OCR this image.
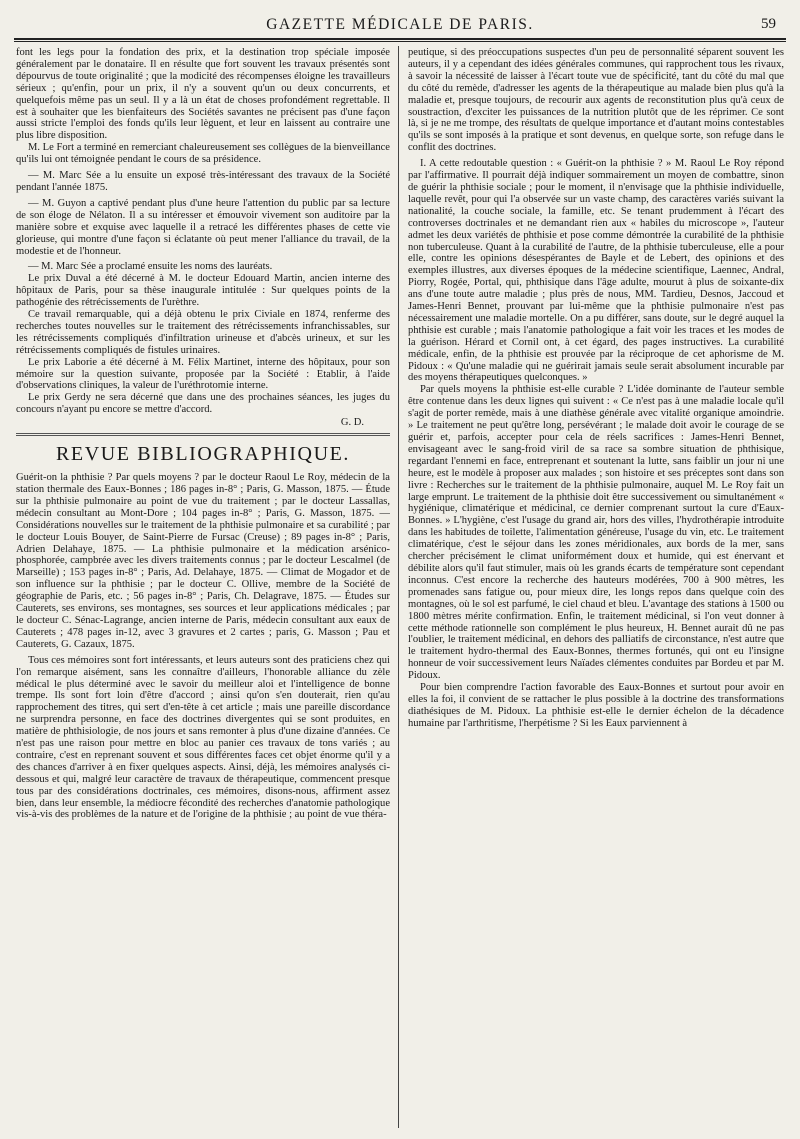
GAZETTE MÉDICALE DE PARIS.	59

font les legs pour la fondation des prix, et la destination trop spéciale imposée généralement par le donataire. Il en résulte que fort souvent les travaux présentés sont dépourvus de toute originalité ; que la modicité des récompenses éloigne les travailleurs sérieux ; qu'enfin, pour un prix, il n'y a souvent qu'un ou deux concurrents, et quelquefois même pas un seul. Il y a là un état de choses profondément regrettable. Il est à souhaiter que les bienfaiteurs des Sociétés savantes ne précisent pas d'une façon aussi stricte l'emploi des fonds qu'ils leur lèguent, et leur en laissent au contraire une plus libre disposition.

M. Le Fort a terminé en remerciant chaleureusement ses collègues de la bienveillance qu'ils lui ont témoignée pendant le cours de sa présidence.

— M. Marc Sée a lu ensuite un exposé très-intéressant des travaux de la Société pendant l'année 1875.

— M. Guyon a captivé pendant plus d'une heure l'attention du public par sa lecture de son éloge de Nélaton. Il a su intéresser et émouvoir vivement son auditoire par la manière sobre et exquise avec laquelle il a retracé les différentes phases de cette vie glorieuse, qui montre d'une façon si éclatante où peut mener l'alliance du travail, de la modestie et de l'honneur.

— M. Marc Sée a proclamé ensuite les noms des lauréats.

Le prix Duval a été décerné à M. le docteur Edouard Martin, ancien interne des hôpitaux de Paris, pour sa thèse inaugurale intitulée : Sur quelques points de la pathogénie des rétrécissements de l'urèthre.

Ce travail remarquable, qui a déjà obtenu le prix Civiale en 1874, renferme des recherches toutes nouvelles sur le traitement des rétrécissements infranchissables, sur les rétrécissements compliqués d'infiltration urineuse et d'abcès urineux, et sur les rétrécissements compliqués de fistules urinaires.

Le prix Laborie a été décerné à M. Félix Martinet, interne des hôpitaux, pour son mémoire sur la question suivante, proposée par la Société : Etablir, à l'aide d'observations cliniques, la valeur de l'uréthrotomie interne.

Le prix Gerdy ne sera décerné que dans une des prochaines séances, les juges du concours n'ayant pu encore se mettre d'accord.

G. D.
REVUE BIBLIOGRAPHIQUE.

Guérit-on la phthisie ? Par quels moyens ? par le docteur Raoul Le Roy, médecin de la station thermale des Eaux-Bonnes ; 186 pages in-8° ; Paris, G. Masson, 1875. — Étude sur la phthisie pulmonaire au point de vue du traitement ; par le docteur Lassallas, médecin consultant au Mont-Dore ; 104 pages in-8° ; Paris, G. Masson, 1875. — Considérations nouvelles sur le traitement de la phthisie pulmonaire et sa curabilité ; par le docteur Louis Bouyer, de Saint-Pierre de Fursac (Creuse) ; 89 pages in-8° ; Paris, Adrien Delahaye, 1875. — La phthisie pulmonaire et la médication arsénico-phosphorée, campbrée avec les divers traitements connus ; par le docteur Lescalmel (de Marseille) ; 153 pages in-8° ; Paris, Ad. Delahaye, 1875. — Climat de Mogador et de son influence sur la phthisie ; par le docteur C. Ollive, membre de la Société de géographie de Paris, etc. ; 56 pages in-8° ; Paris, Ch. Delagrave, 1875. — Études sur Cauterets, ses environs, ses montagnes, ses sources et leur applications médicales ; par le docteur C. Sénac-Lagrange, ancien interne de Paris, médecin consultant aux eaux de Cauterets ; 478 pages in-12, avec 3 gravures et 2 cartes ; paris, G. Masson ; Pau et Cauterets, G. Cazaux, 1875.

Tous ces mémoires sont fort intéressants, et leurs auteurs sont des praticiens chez qui l'on remarque aisément, sans les connaître d'ailleurs, l'honorable alliance du zèle médical le plus déterminé avec le savoir du meilleur aloi et l'intelligence de bonne trempe. Ils sont fort loin d'être d'accord ; ainsi qu'on s'en douterait, rien qu'au rapprochement des titres, qui sert d'en-tête à cet article ; mais une pareille discordance ne surprendra personne, en face des doctrines divergentes qui se sont produites, en matière de phthisiologie, de nos jours et sans remonter à plus d'une dizaine d'années. Ce n'est pas une raison pour mettre en bloc au panier ces travaux de tons variés ; au contraire, c'est en reprenant souvent et sous différentes faces cet objet énorme qu'il y a des chances d'arriver à en fixer quelques aspects. Ainsi, déjà, les mémoires analysés ci-dessous et qui, malgré leur caractère de travaux de thérapeutique, commencent presque tous par des considérations doctrinales, ces mémoires, disons-nous, affirment assez bien, dans leur ensemble, la médiocre fécondité des recherches d'anatomie pathologique vis-à-vis des problèmes de la nature et de l'origine de la phthisie ; au point de vue théra-

peutique, si des préoccupations suspectes d'un peu de personnalité séparent souvent les auteurs, il y a cependant des idées générales communes, qui rapprochent tous les rivaux, à savoir la nécessité de laisser à l'écart toute vue de spécificité, tant du côté du mal que du côté du remède, d'adresser les agents de la thérapeutique au malade bien plus qu'à la maladie et, presque toujours, de recourir aux agents de reconstitution plus qu'à ceux de soustraction, d'exciter les puissances de la nutrition plutôt que de les réprimer. Ce sont là, si je ne me trompe, des résultats de quelque importance et d'autant moins contestables qu'ils se sont imposés à la pratique et sont devenus, en quelque sorte, son refuge dans le conflit des doctrines.

I. A cette redoutable question : « Guérit-on la phthisie ? » M. Raoul Le Roy répond par l'affirmative. Il pourrait déjà indiquer sommairement un moyen de combattre, sinon de guérir la phthisie sociale ; pour le moment, il n'envisage que la phthisie individuelle, laquelle revêt, pour qui l'a observée sur un vaste champ, des caractères variés suivant la nationalité, la couche sociale, la famille, etc. Se tenant prudemment à l'écart des controverses doctrinales et ne demandant rien aux « habiles du microscope », l'auteur admet les deux variétés de phthisie et pose comme démontrée la curabilité de la phthisie non tuberculeuse. Quant à la curabilité de l'autre, de la phthisie tuberculeuse, elle a pour elle, contre les opinions désespérantes de Bayle et de Lebert, des opinions et des exemples illustres, aux diverses époques de la médecine scientifique, Laennec, Andral, Piorry, Rogée, Portal, qui, phthisique dans l'âge adulte, mourut à plus de soixante-dix ans d'une toute autre maladie ; plus près de nous, MM. Tardieu, Desnos, Jaccoud et James-Henri Bennet, prouvant par lui-même que la phthisie pulmonaire n'est pas nécessairement une maladie mortelle. On a pu différer, sans doute, sur le degré auquel la phthisie est curable ; mais l'anatomie pathologique a fait voir les traces et les modes de la guérison. Hérard et Cornil ont, à cet égard, des pages instructives. La curabilité médicale, enfin, de la phthisie est prouvée par la réciproque de cet aphorisme de M. Pidoux : « Qu'une maladie qui ne guérirait jamais seule serait absolument incurable par des moyens thérapeutiques quelconques. »

Par quels moyens la phthisie est-elle curable ? L'idée dominante de l'auteur semble être contenue dans les deux lignes qui suivent : « Ce n'est pas à une maladie locale qu'il s'agit de porter remède, mais à une diathèse générale avec vitalité organique amoindrie. » Le traitement ne peut qu'être long, persévérant ; le malade doit avoir le courage de se guérir et, parfois, accepter pour cela de réels sacrifices : James-Henri Bennet, envisageant avec le sang-froid viril de sa race sa sombre situation de phthisique, regardant l'ennemi en face, entreprenant et soutenant la lutte, sans faiblir un jour ni une heure, est le modèle à proposer aux malades ; son histoire et ses préceptes sont dans son livre : Recherches sur le traitement de la phthisie pulmonaire, auquel M. Le Roy fait un large emprunt. Le traitement de la phthisie doit être successivement ou simultanément « hygiénique, climatérique et médicinal, ce dernier comprenant surtout la cure d'Eaux-Bonnes. » L'hygiène, c'est l'usage du grand air, hors des villes, l'hydrothérapie introduite dans les habitudes de toilette, l'alimentation généreuse, l'usage du vin, etc. Le traitement climatérique, c'est le séjour dans les zones méridionales, aux bords de la mer, sans chercher précisément le climat uniformément doux et humide, qui est énervant et débilite alors qu'il faut stimuler, mais où les grands écarts de température sont cependant inconnus. C'est encore la recherche des hauteurs modérées, 700 à 900 mètres, les promenades sans fatigue ou, pour mieux dire, les longs repos dans quelque coin des montagnes, où le sol est parfumé, le ciel chaud et bleu. L'avantage des stations à 1500 ou 1800 mètres mérite confirmation. Enfin, le traitement médicinal, si l'on veut donner à cette méthode rationnelle son complément le plus heureux, H. Bennet aurait dû ne pas l'oublier, le traitement médicinal, en dehors des palliatifs de circonstance, n'est autre que le traitement hydro-thermal des Eaux-Bonnes, thermes fortunés, qui ont eu l'insigne honneur de voir successivement leurs Naïades clémentes conduites par Bordeu et par M. Pidoux.

Pour bien comprendre l'action favorable des Eaux-Bonnes et surtout pour avoir en elles la foi, il convient de se rattacher le plus possible à la doctrine des transformations diathésiques de M. Pidoux. La phthisie est-elle le dernier échelon de la décadence humaine par l'arthritisme, l'herpétisme ? Si les Eaux parviennent à
